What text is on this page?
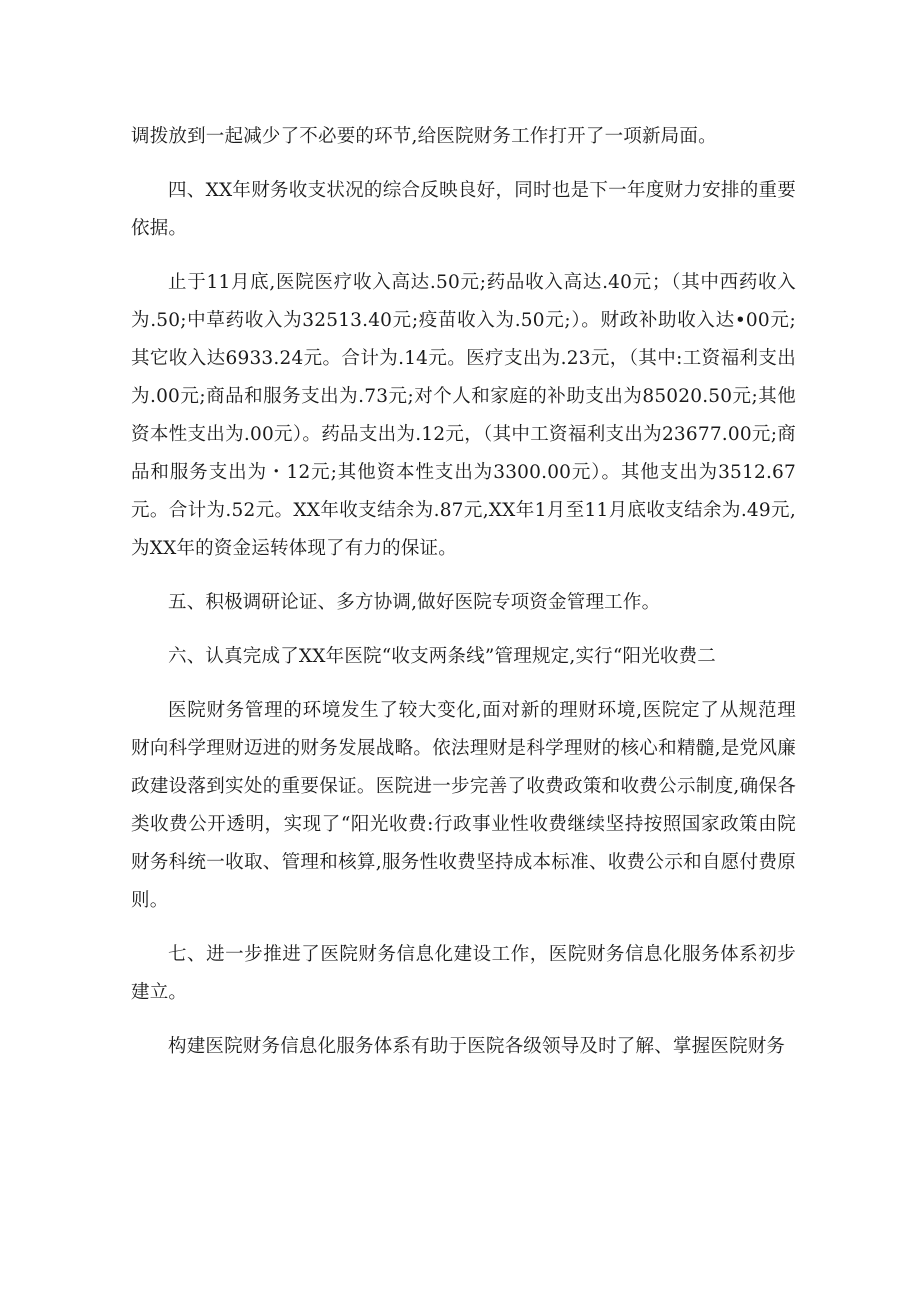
调拨放到一起减少了不必要的环节,给医院财务工作打开了一项新局面。

四、XX年财务收支状况的综合反映良好，同时也是下一年度财力安排的重要依据。

止于11月底,医院医疗收入高达.50元;药品收入高达.40元；（其中西药收入为.50;中草药收入为32513.40元;疫苗收入为.50元;）。财政补助收入达•00元;其它收入达6933.24元。合计为.14元。医疗支出为.23元，（其中:工资福利支出为.00元;商品和服务支出为.73元;对个人和家庭的补助支出为85020.50元;其他资本性支出为.00元）。药品支出为.12元，（其中工资福利支出为23677.00元;商品和服务支出为・12元;其他资本性支出为3300.00元）。其他支出为3512.67元。合计为.52元。XX年收支结余为.87元,XX年1月至11月底收支结余为.49元,为XX年的资金运转体现了有力的保证。

五、积极调研论证、多方协调,做好医院专项资金管理工作。

六、认真完成了XX年医院“收支两条线”管理规定,实行“阳光收费二

医院财务管理的环境发生了较大变化,面对新的理财环境,医院定了从规范理财向科学理财迈进的财务发展战略。依法理财是科学理财的核心和精髓,是党风廉政建设落到实处的重要保证。医院进一步完善了收费政策和收费公示制度,确保各类收费公开透明，实现了“阳光收费:行政事业性收费继续坚持按照国家政策由院财务科统一收取、管理和核算,服务性收费坚持成本标准、收费公示和自愿付费原则。

七、进一步推进了医院财务信息化建设工作，医院财务信息化服务体系初步建立。

构建医院财务信息化服务体系有助于医院各级领导及时了解、掌握医院财务
